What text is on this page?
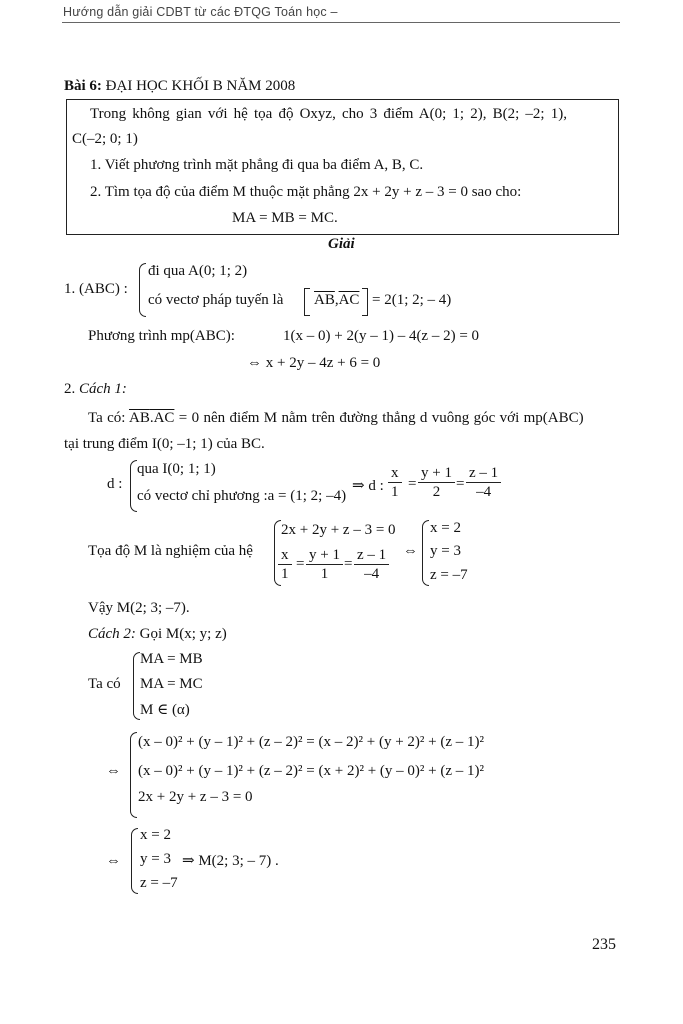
Hướng dẫn giải CDBT từ các ĐTQG Toán học –
Bài 6: ĐẠI HỌC KHỐI B NĂM 2008
Trong không gian với hệ tọa độ Oxyz, cho 3 điểm A(0; 1; 2), B(2; –2; 1),
C(–2; 0; 1)
1. Viết phương trình mặt phẳng đi qua ba điểm A, B, C.
2. Tìm tọa độ của điểm M thuộc mặt phẳng 2x + 2y + z – 3 = 0 sao cho:
MA = MB = MC.
Giải
1. (ABC) :
đi qua A(0; 1; 2)
có vectơ pháp tuyến là $\overline{AB},\overline{AC} = 2(1$; 2; – 4)
Phương trình mp(ABC):	1(x – 0) + 2(y – 1) – 4(z – 2) = 0
⇔ x + 2y – 4z + 6 = 0
2. Cách 1:
Ta có: $\overline{AB}.AC = 0$ nên điểm M nằm trên đường thẳng d vuông góc với mp(ABC)
tại trung điểm I(0; –1; 1) của BC.
d :
qua I(0; 1; 1)
có vectơ chỉ phương :a = (1; 2; –4)
⇒ d : $\frac{x}{1} = \frac{y + 1}{2} = \frac{z - 1}{-4}$
Tọa độ M là nghiệm của hệ
2x + 2y + z – 3 = 0
$\frac{x}{1} = \frac{y + 1}{1} = \frac{z - 1}{-4}$ ⇔
x = 2
y = 3
z = –7
Vậy M(2; 3; –7).
Cách 2: Gọi M(x; y; z)
Ta có
MA = MB
MA = MC
M ∈ (α)
⇔
(x – 0)² + (y – 1)² + (z – 2)² = (x – 2)² + (y + 2)² + (z – 1)²
(x – 0)² + (y – 1)² + (z – 2)² = (x + 2)² + (y – 0)² + (z – 1)²
2x + 2y + z – 3 = 0
⇔
x = 2
y = 3
z = –7
⇒ M(2; 3; – 7) .
235
